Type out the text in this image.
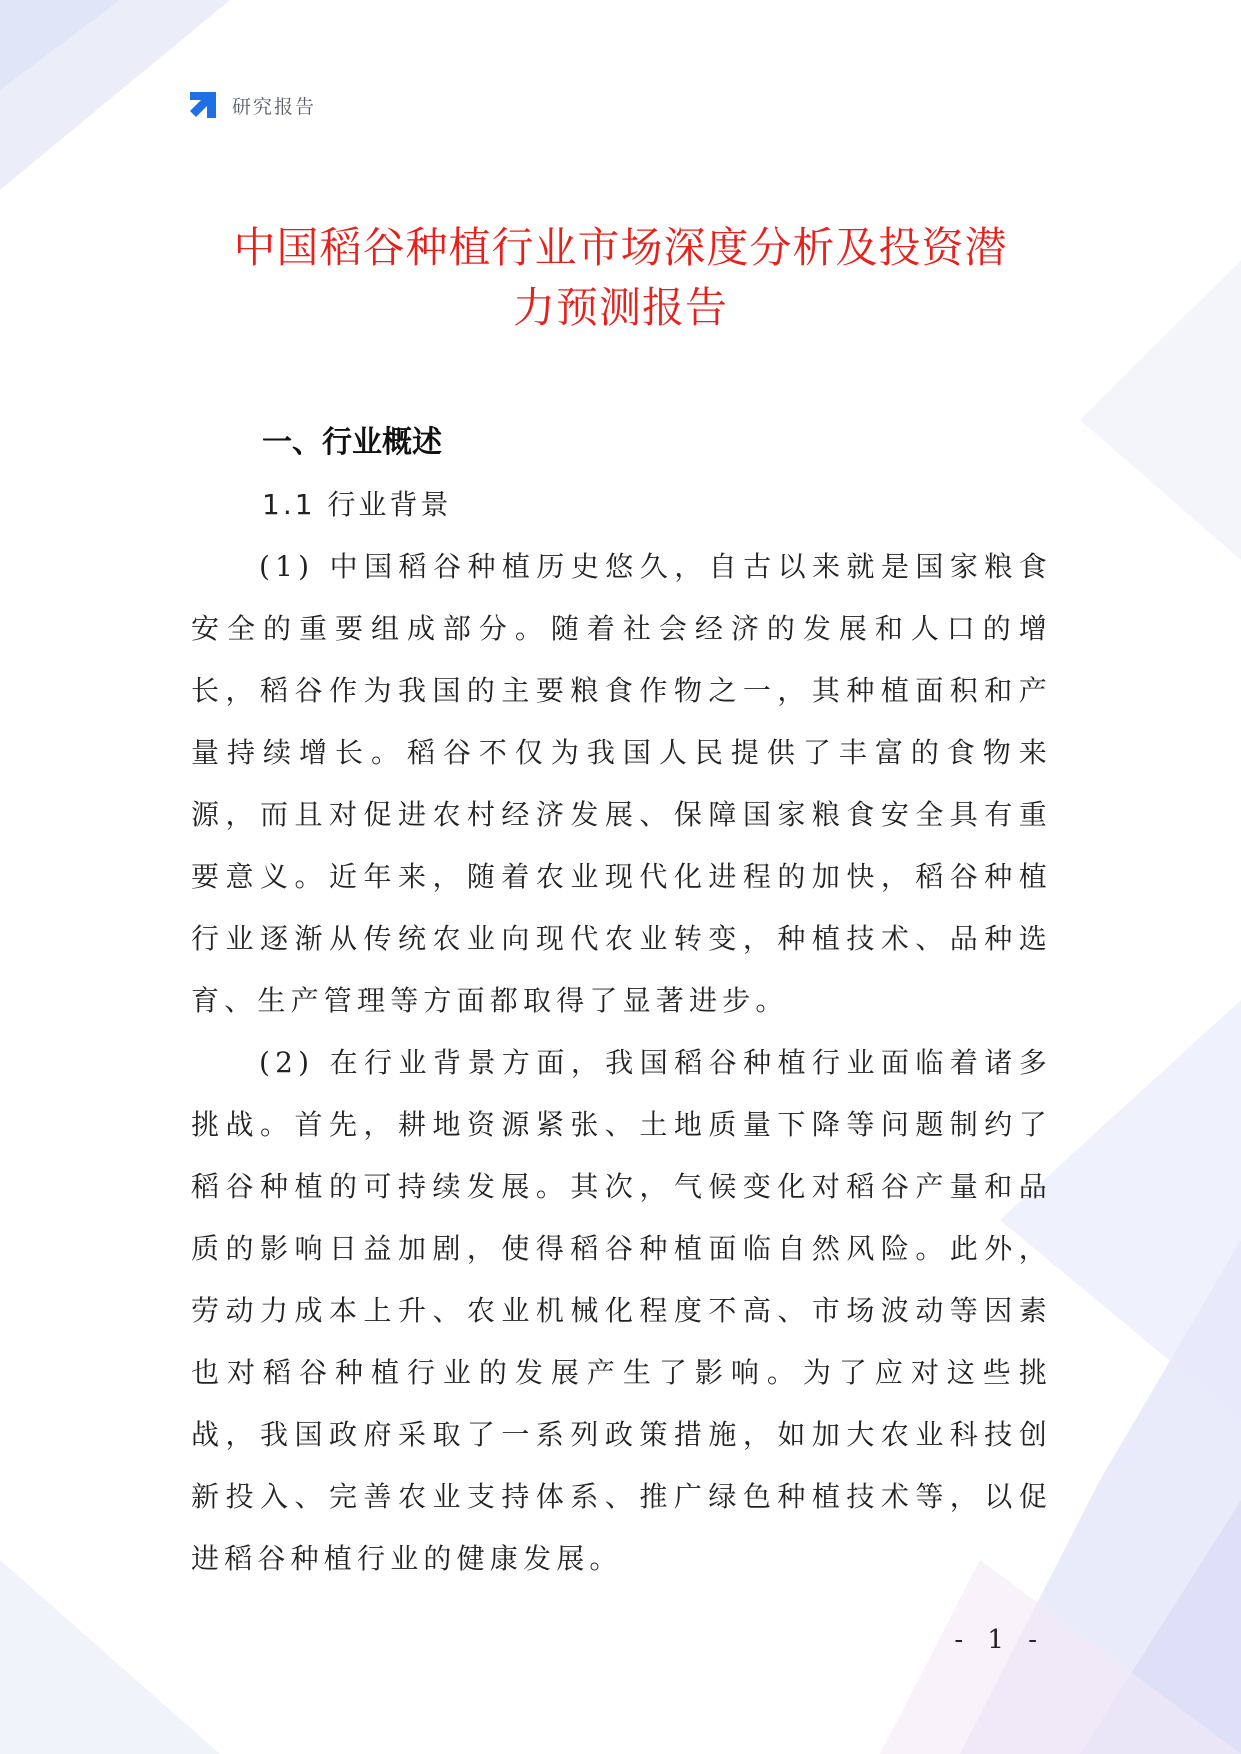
研究报告
中国稻谷种植行业市场深度分析及投资潜
力预测报告
一、行业概述
1.1 行业背景

(1) 中国稻谷种植历史悠久，自古以来就是国家粮食安全的重要组成部分。随着社会经济的发展和人口的增长，稻谷作为我国的主要粮食作物之一，其种植面积和产量持续增长。稻谷不仅为我国人民提供了丰富的食物来源，而且对促进农村经济发展、保障国家粮食安全具有重要意义。近年来，随着农业现代化进程的加快，稻谷种植行业逐渐从传统农业向现代农业转变，种植技术、品种选育、生产管理等方面都取得了显著进步。

(2) 在行业背景方面，我国稻谷种植行业面临着诸多挑战。首先，耕地资源紧张、土地质量下降等问题制约了稻谷种植的可持续发展。其次，气候变化对稻谷产量和品质的影响日益加剧，使得稻谷种植面临自然风险。此外，劳动力成本上升、农业机械化程度不高、市场波动等因素也对稻谷种植行业的发展产生了影响。为了应对这些挑战，我国政府采取了一系列政策措施，如加大农业科技创新投入、完善农业支持体系、推广绿色种植技术等，以促进稻谷种植行业的健康发展。

- 1 -
